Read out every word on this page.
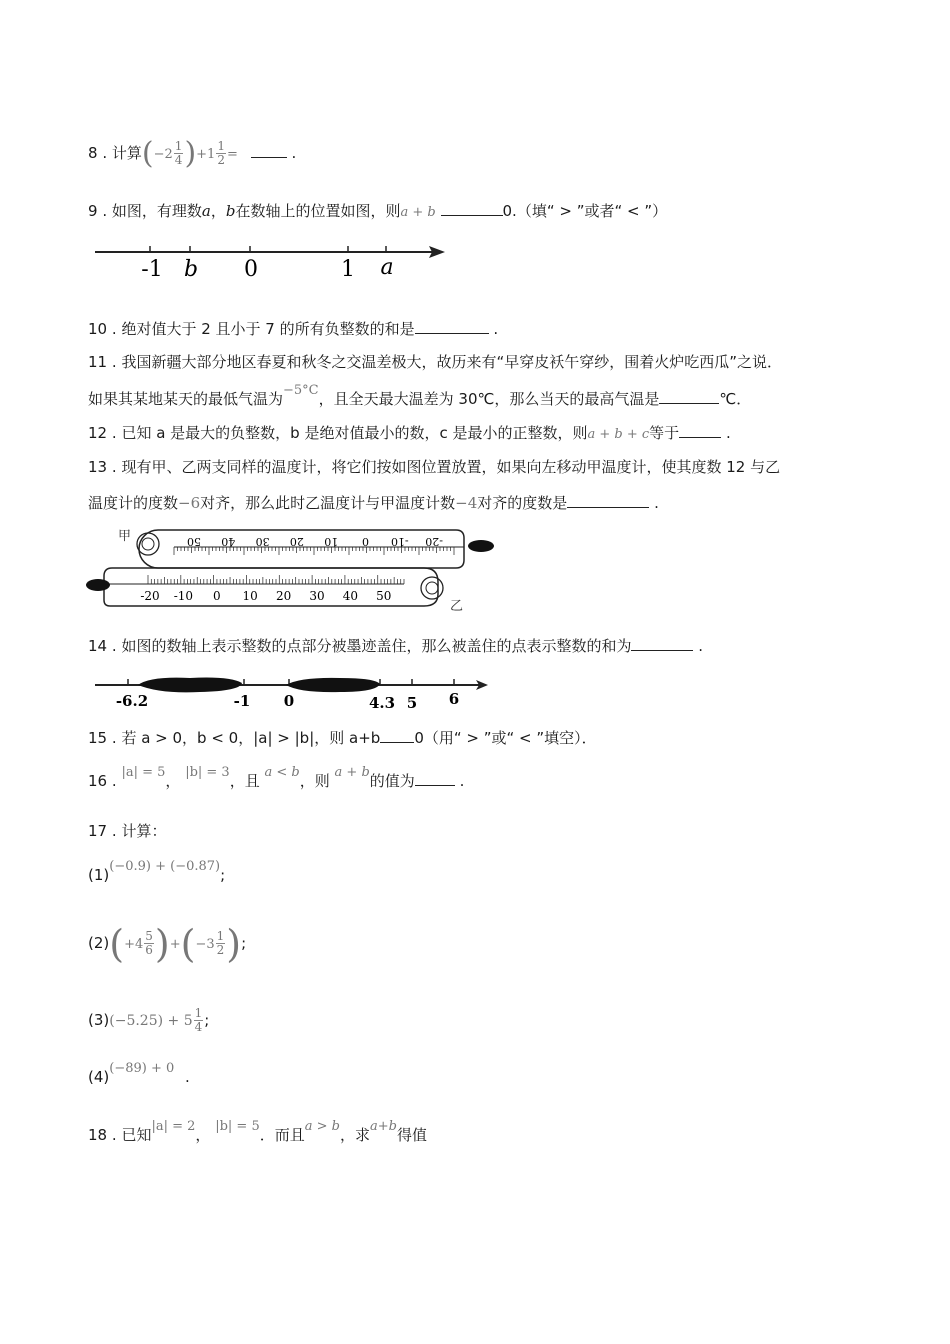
8 . 计算$(-2 \frac{1}{4} )+1 \frac{1}{2}$ =	.
9 . 如图，有理数a，b在数轴上的位置如图，则a + b	0.（填“ > ”或者“ < ”）
-1 b 0	1 a
10 . 绝对值大于 2 且小于 7 的所有负整数的和是	.
11 . 我国新疆大部分地区春夏和秋冬之交温差极大，故历来有“早穿皮袄午穿纱，围着火炉吃西瓜”之说．
如果其某地某天的最低气温为−5°C，且全天最大温差为 30℃，那么当天的最高气温是	℃．
12 . 已知 a 是最大的负整数，b 是绝对值最小的数，c 是最小的正整数，则a + b + c等于	.
13 . 现有甲、乙两支同样的温度计，将它们按如图位置放置，如果向左移动甲温度计，使其度数 12 与乙
温度计的度数−6对齐，那么此时乙温度计与甲温度计数−4对齐的度数是	.
甲	50 40 30 20 10 0 -10 -20
-20 -10 0 10 20 30 40 50
乙
14 . 如图的数轴上表示整数的点部分被墨迹盖住，那么被盖住的点表示整数的和为	.
-6.2	-1 0	4.3 5 6
15 . 若 a > 0，b < 0，|a| > |b|，则 a+b 0（用“ > ”或“ < ”填空）．
16 . |a| = 5， |b| = 3，且 a < b，则 a + b的值为	.
17 . 计算：
(1)(−0.9) + (−0.87);
$(2)(+4 \frac{5}{6} )+(-3 \frac{1}{2}$ );
$(3)(-5.25) + 5 \frac{1}{4}$ ;
(4)(−89) + 0 .
18 . 已知|a| = 2， |b| = 5．而且a > b，求a+b得值
